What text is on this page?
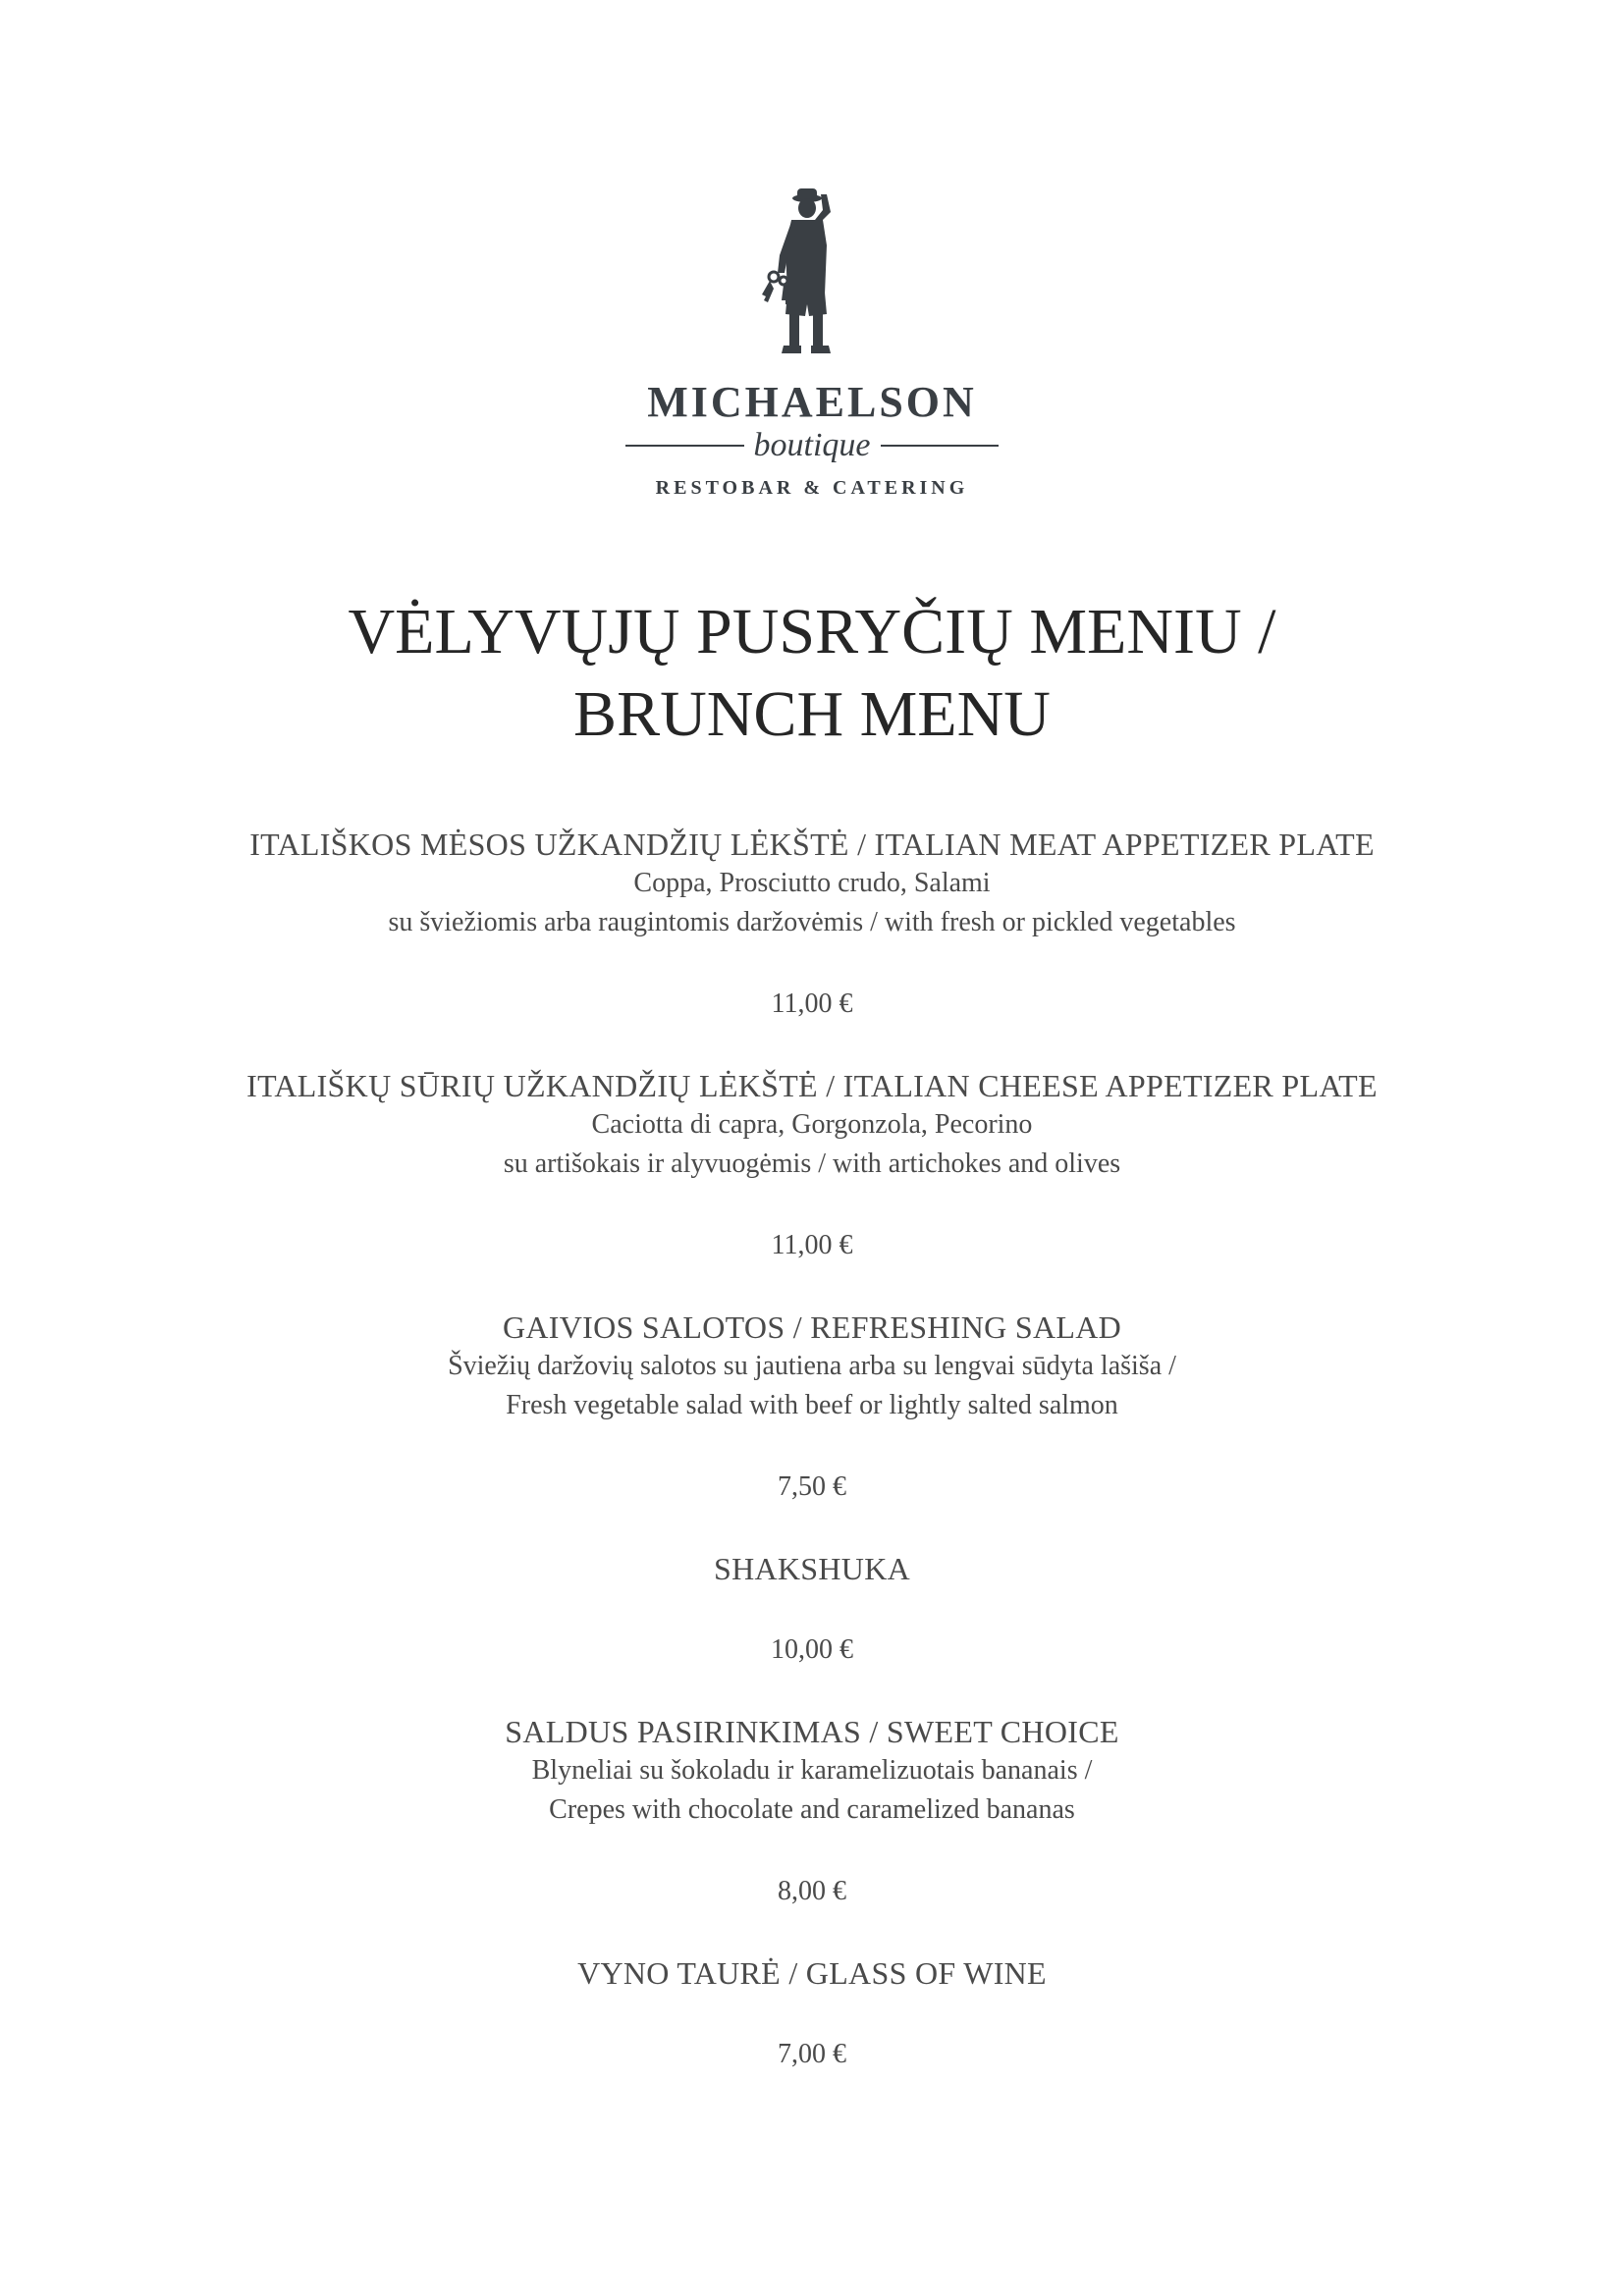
MICHAELSON
boutique
RESTOBAR & CATERING
VĖLYVŲJŲ PUSRYČIŲ MENIU /
BRUNCH MENU
ITALIŠKOS MĖSOS UŽKANDŽIŲ LĖKŠTĖ / ITALIAN MEAT APPETIZER PLATE
Coppa, Prosciutto crudo, Salami
su šviežiomis arba raugintomis daržovėmis / with fresh or pickled vegetables
11,00 €
ITALIŠKŲ SŪRIŲ UŽKANDŽIŲ LĖKŠTĖ / ITALIAN CHEESE APPETIZER PLATE
Caciotta di capra, Gorgonzola, Pecorino
su artišokais ir alyvuogėmis / with artichokes and olives
11,00 €
GAIVIOS SALOTOS / REFRESHING SALAD
Šviežių daržovių salotos su jautiena arba su lengvai sūdyta lašiša /
Fresh vegetable salad with beef or lightly salted salmon
7,50 €
SHAKSHUKA
10,00 €
SALDUS PASIRINKIMAS / SWEET CHOICE
Blyneliai su šokoladu ir karamelizuotais bananais /
Crepes with chocolate and caramelized bananas
8,00 €
VYNO TAURĖ / GLASS OF WINE
7,00 €
